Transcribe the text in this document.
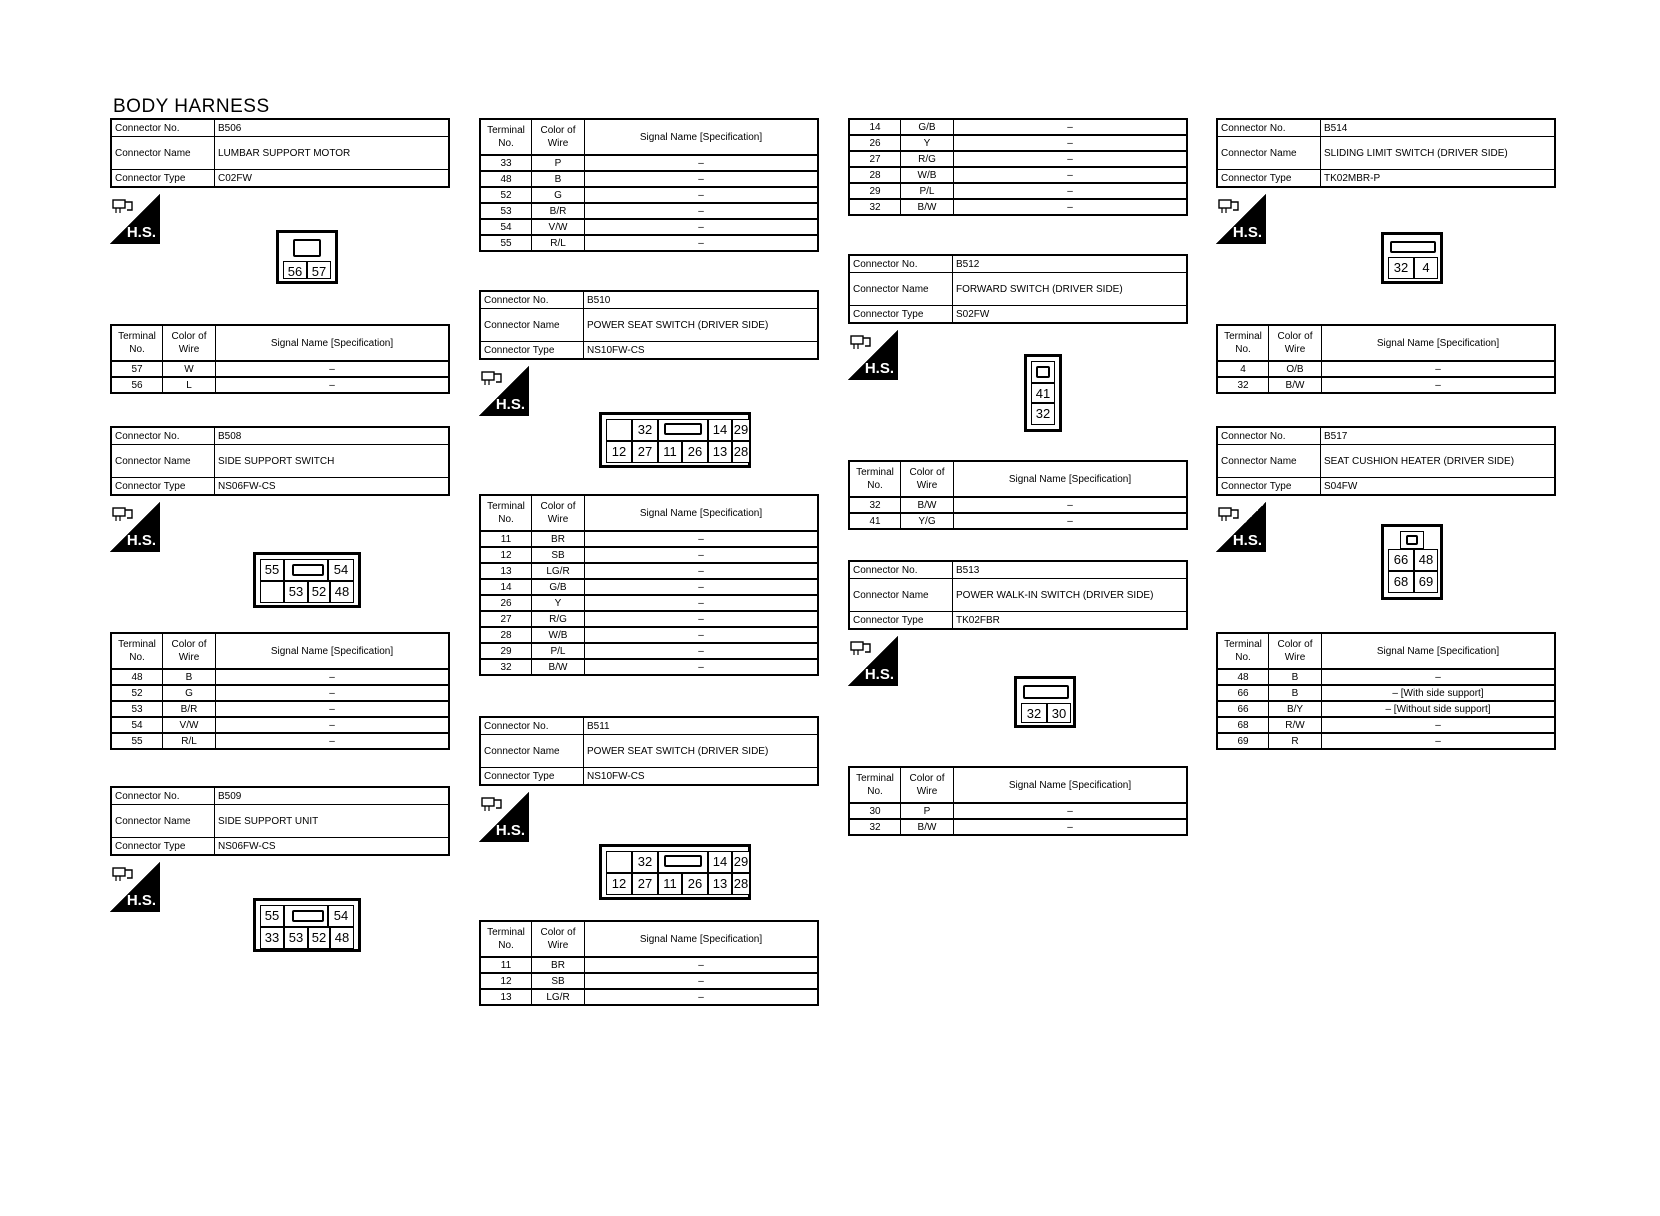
BODY HARNESS
Connector No.	B506
Connector Name	LUMBAR SUPPORT MOTOR
Connector Type	C02FW
H.S.
56 57
Terminal No.	Color of Wire	Signal Name [Specification]
57	W	–
56	L	–
Connector No.	B508
Connector Name	SIDE SUPPORT SWITCH
Connector Type	NS06FW-CS
H.S.
55	54
53 52 48
Terminal No.	Color of Wire	Signal Name [Specification]
48	B	–
52	G	–
53	B/R	–
54	V/W	–
55	R/L	–
Connector No.	B509
Connector Name	SIDE SUPPORT UNIT
Connector Type	NS06FW-CS
H.S.
55	54
33 53 52 48
Terminal No.	Color of Wire	Signal Name [Specification]
33	P	–
48	B	–
52	G	–
53	B/R	–
54	V/W	–
55	R/L	–
Connector No.	B510
Connector Name	POWER SEAT SWITCH (DRIVER SIDE)
Connector Type	NS10FW-CS
H.S.
32	14 29
12 27 11 26 13 28
Terminal No.	Color of Wire	Signal Name [Specification]
11	BR	–
12	SB	–
13	LG/R	–
14	G/B	–
26	Y	–
27	R/G	–
28	W/B	–
29	P/L	–
32	B/W	–
Connector No.	B511
Connector Name	POWER SEAT SWITCH (DRIVER SIDE)
Connector Type	NS10FW-CS
H.S.
32	14 29
12 27 11 26 13 28
Terminal No.	Color of Wire	Signal Name [Specification]
11	BR	–
12	SB	–
13	LG/R	–
14	G/B	–
26	Y	–
27	R/G	–
28	W/B	–
29	P/L	–
32	B/W	–
Connector No.	B512
Connector Name	FORWARD SWITCH (DRIVER SIDE)
Connector Type	S02FW
H.S.
41
32
Terminal No.	Color of Wire	Signal Name [Specification]
32	B/W	–
41	Y/G	–
Connector No.	B513
Connector Name	POWER WALK-IN SWITCH (DRIVER SIDE)
Connector Type	TK02FBR
H.S.
32 30
Terminal No.	Color of Wire	Signal Name [Specification]
30	P	–
32	B/W	–
Connector No.	B514
Connector Name	SLIDING LIMIT SWITCH (DRIVER SIDE)
Connector Type	TK02MBR-P
H.S.
32	4
Terminal No.	Color of Wire	Signal Name [Specification]
4	O/B	–
32	B/W	–
Connector No.	B517
Connector Name	SEAT CUSHION HEATER (DRIVER SIDE)
Connector Type	S04FW
H.S.
66 48
68 69
Terminal No.	Color of Wire	Signal Name [Specification]
48	B	–
66	B	– [With side support]
66	B/Y	– [Without side support]
68	R/W	–
69	R	–
